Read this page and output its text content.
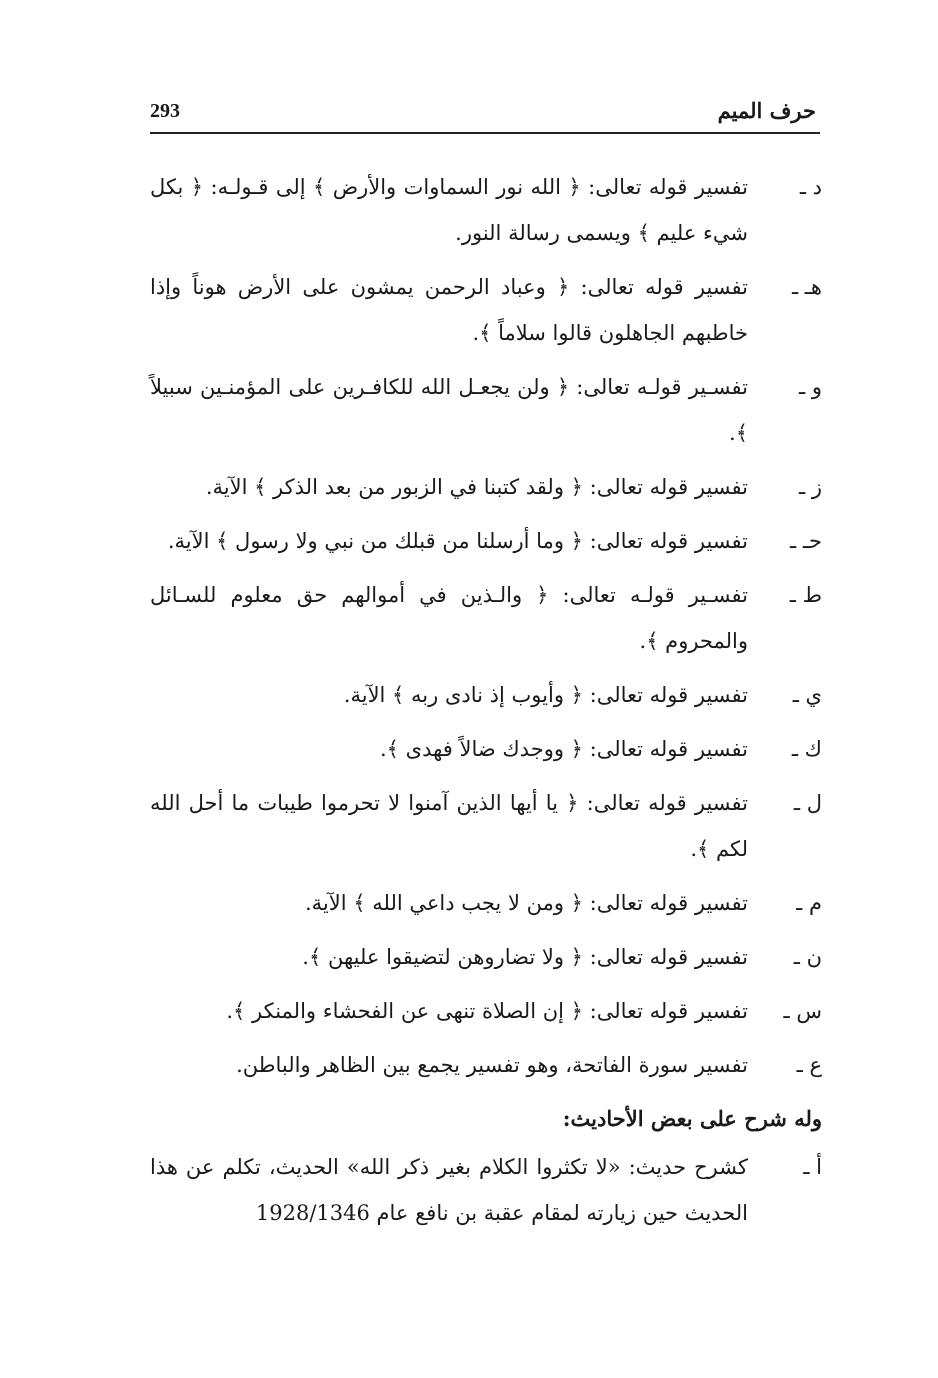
293	حرف الميم
د ـ
تفسير قوله تعالى: ﴿ الله نور السماوات والأرض ﴾ إلى قـولـه: ﴿ بكل شيء عليم ﴾ ويسمى رسالة النور.
هـ ـ
تفسير قوله تعالى: ﴿ وعباد الرحمن يمشون على الأرض هوناً وإذا خاطبهم الجاهلون قالوا سلاماً ﴾.
و ـ
تفسـير قولـه تعالى: ﴿ ولن يجعـل الله للكافـرين على المؤمنـين سبيلاً ﴾.
ز ـ
تفسير قوله تعالى: ﴿ ولقد كتبنا في الزبور من بعد الذكر ﴾ الآية.
حـ ـ
تفسير قوله تعالى: ﴿ وما أرسلنا من قبلك من نبي ولا رسول ﴾ الآية.
ط ـ
تفسـير قولـه تعالى: ﴿ والـذين في أموالهم حق معلوم للسـائل والمحروم ﴾.
ي ـ
تفسير قوله تعالى: ﴿ وأيوب إذ نادى ربه ﴾ الآية.
ك ـ
تفسير قوله تعالى: ﴿ ووجدك ضالاً فهدى ﴾.
ل ـ
تفسير قوله تعالى: ﴿ يا أيها الذين آمنوا لا تحرموا طيبات ما أحل الله لكم ﴾.
م ـ
تفسير قوله تعالى: ﴿ ومن لا يجب داعي الله ﴾ الآية.
ن ـ
تفسير قوله تعالى: ﴿ ولا تضاروهن لتضيقوا عليهن ﴾.
س ـ
تفسير قوله تعالى: ﴿ إن الصلاة تنهى عن الفحشاء والمنكر ﴾.
ع ـ
تفسير سورة الفاتحة، وهو تفسير يجمع بين الظاهر والباطن.
وله شرح على بعض الأحاديث:
أ ـ
كشرح حديث: «لا تكثروا الكلام بغير ذكر الله» الحديث، تكلم عن هذا الحديث حين زيارته لمقام عقبة بن نافع عام 1928/1346
